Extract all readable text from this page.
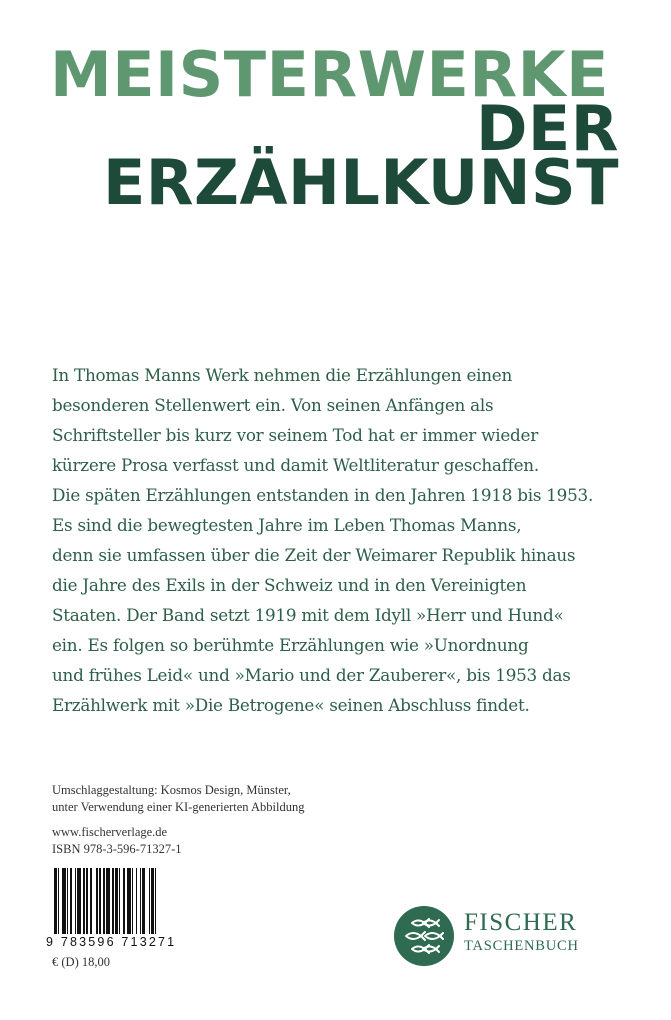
MEISTERWERKE
DER
ERZÄHLKUNST
In Thomas Manns Werk nehmen die Erzählungen einen
besonderen Stellenwert ein. Von seinen Anfängen als
Schriftsteller bis kurz vor seinem Tod hat er immer wieder
kürzere Prosa verfasst und damit Weltliteratur geschaffen.
Die späten Erzählungen entstanden in den Jahren 1918 bis 1953.
Es sind die bewegtesten Jahre im Leben Thomas Manns,
denn sie umfassen über die Zeit der Weimarer Republik hinaus
die Jahre des Exils in der Schweiz und in den Vereinigten
Staaten. Der Band setzt 1919 mit dem Idyll »Herr und Hund«
ein. Es folgen so berühmte Erzählungen wie »Unordnung
und frühes Leid« und »Mario und der Zauberer«, bis 1953 das
Erzählwerk mit »Die Betrogene« seinen Abschluss findet.
Umschlaggestaltung: Kosmos Design, Münster,
unter Verwendung einer KI-generierten Abbildung
www.fischerverlage.de
ISBN 978-3-596-71327-1
9 783596 713271
€ (D) 18,00
FISCHER
TASCHENBUCH
